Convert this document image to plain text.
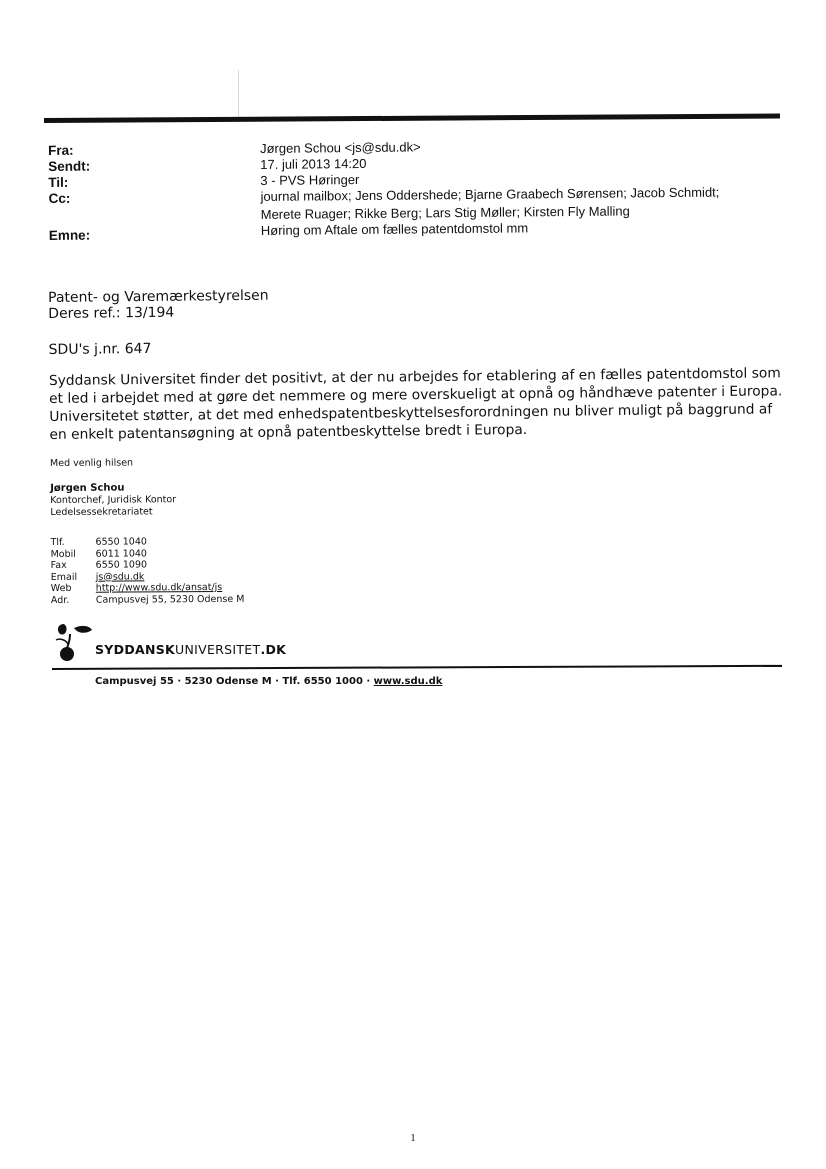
Fra:	Jørgen Schou <js@sdu.dk>
Sendt:	17. juli 2013 14:20
Til:	3 - PVS Høringer
Cc:	journal mailbox; Jens Oddershede; Bjarne Graabech Sørensen; Jacob Schmidt;
Merete Ruager; Rikke Berg; Lars Stig Møller; Kirsten Fly Malling
Emne:	Høring om Aftale om fælles patentdomstol mm

Patent- og Varemærkestyrelsen

Deres ref.: 13/194

SDU's j.nr. 647

Syddansk Universitet finder det positivt, at der nu arbejdes for etablering af en fælles patentdomstol som et led i arbejdet med at gøre det nemmere og mere overskueligt at opnå og håndhæve patenter i Europa. Universitetet støtter, at det med enhedspatentbeskyttelsesforordningen nu bliver muligt på baggrund af en enkelt patentansøgning at opnå patentbeskyttelse bredt i Europa.

Med venlig hilsen

Jørgen Schou

Kontorchef, Juridisk Kontor

Ledelsessekretariatet

Tlf.	6550 1040
Mobil	6011 1040
Fax	6550 1090
Email	js@sdu.dk
Web	http://www.sdu.dk/ansat/js
Adr.	Campusvej 55, 5230 Odense M
SYDDANSKUNIVERSITET.DK
Campusvej 55 · 5230 Odense M · Tlf. 6550 1000 · www.sdu.dk
1
